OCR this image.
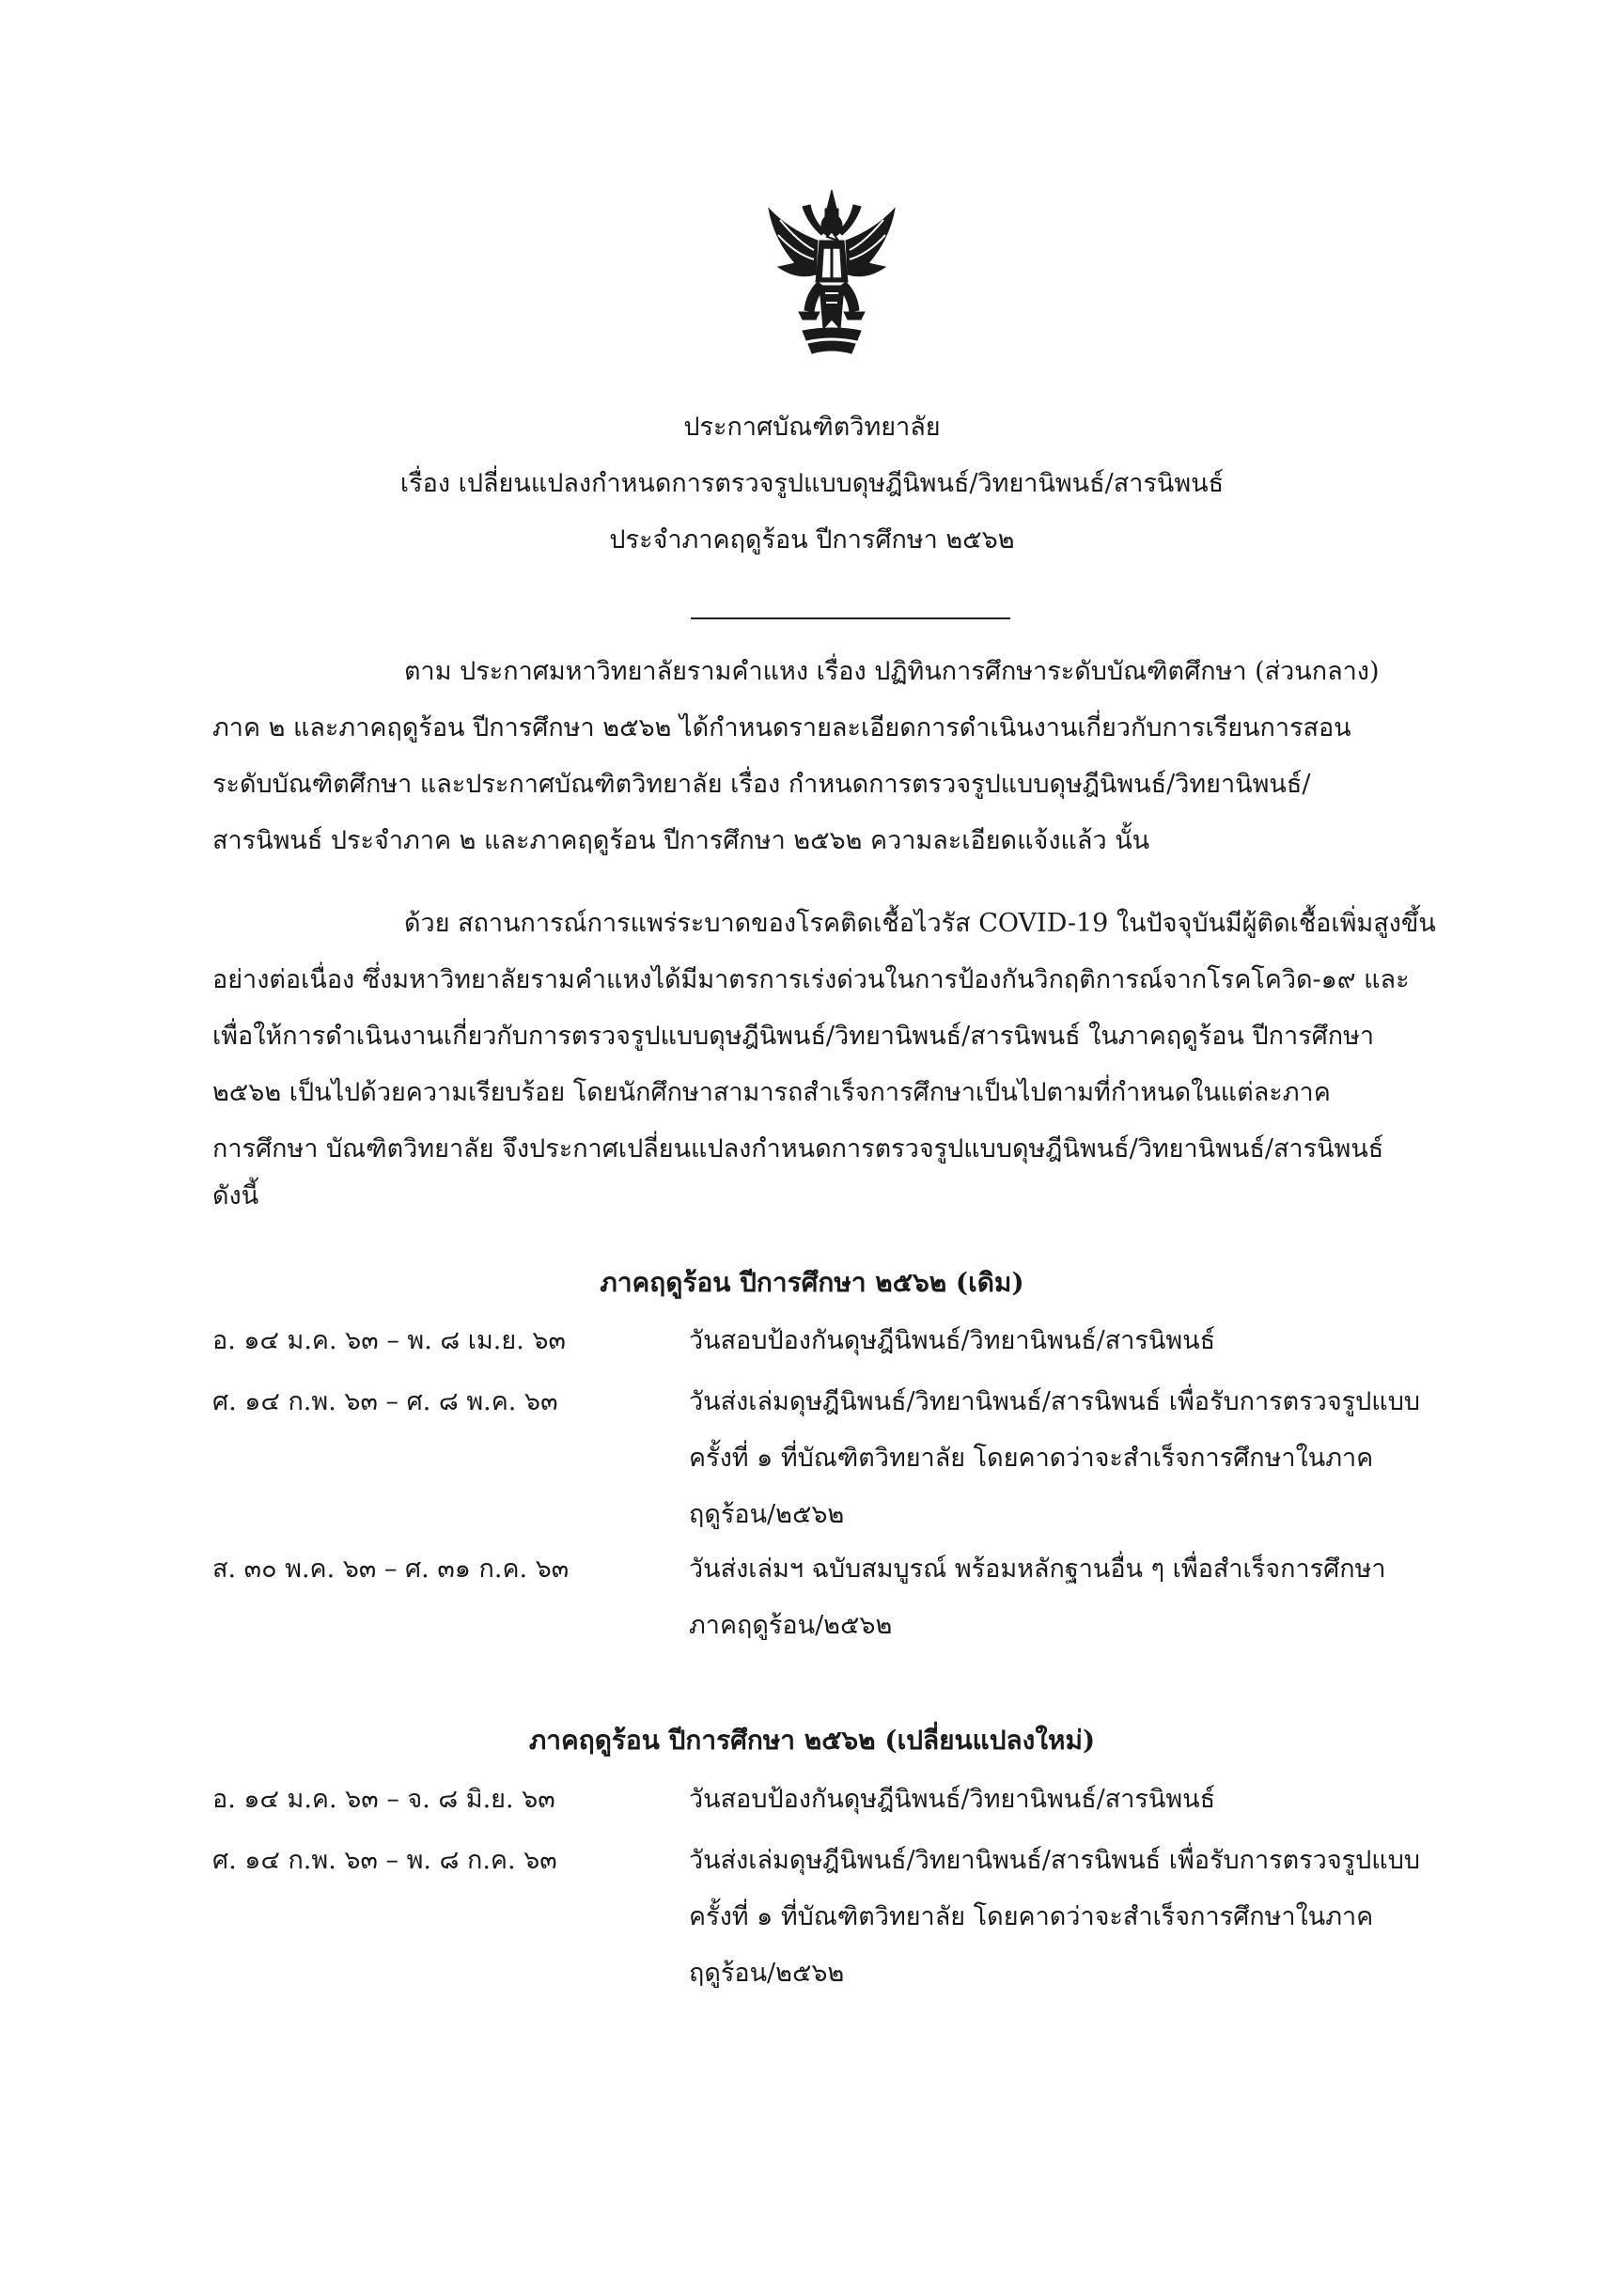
ประกาศบัณฑิตวิทยาลัย
เรื่อง เปลี่ยนแปลงกำหนดการตรวจรูปแบบดุษฎีนิพนธ์/วิทยานิพนธ์/สารนิพนธ์
ประจำภาคฤดูร้อน ปีการศึกษา ๒๕๖๒
ตาม ประกาศมหาวิทยาลัยรามคำแหง เรื่อง ปฏิทินการศึกษาระดับบัณฑิตศึกษา (ส่วนกลาง)
ภาค ๒ และภาคฤดูร้อน ปีการศึกษา ๒๕๖๒ ได้กำหนดรายละเอียดการดำเนินงานเกี่ยวกับการเรียนการสอน
ระดับบัณฑิตศึกษา และประกาศบัณฑิตวิทยาลัย เรื่อง กำหนดการตรวจรูปแบบดุษฎีนิพนธ์/วิทยานิพนธ์/
สารนิพนธ์ ประจำภาค ๒ และภาคฤดูร้อน ปีการศึกษา ๒๕๖๒ ความละเอียดแจ้งแล้ว นั้น
ด้วย สถานการณ์การแพร่ระบาดของโรคติดเชื้อไวรัส COVID-19 ในปัจจุบันมีผู้ติดเชื้อเพิ่มสูงขึ้น
อย่างต่อเนื่อง ซึ่งมหาวิทยาลัยรามคำแหงได้มีมาตรการเร่งด่วนในการป้องกันวิกฤติการณ์จากโรคโควิด-๑๙ และ
เพื่อให้การดำเนินงานเกี่ยวกับการตรวจรูปแบบดุษฎีนิพนธ์/วิทยานิพนธ์/สารนิพนธ์ ในภาคฤดูร้อน ปีการศึกษา
๒๕๖๒ เป็นไปด้วยความเรียบร้อย โดยนักศึกษาสามารถสำเร็จการศึกษาเป็นไปตามที่กำหนดในแต่ละภาค
การศึกษา บัณฑิตวิทยาลัย จึงประกาศเปลี่ยนแปลงกำหนดการตรวจรูปแบบดุษฎีนิพนธ์/วิทยานิพนธ์/สารนิพนธ์
ดังนี้
ภาคฤดูร้อน ปีการศึกษา ๒๕๖๒ (เดิม)
อ. ๑๔ ม.ค. ๖๓ – พ. ๘ เม.ย. ๖๓	วันสอบป้องกันดุษฎีนิพนธ์/วิทยานิพนธ์/สารนิพนธ์
ศ. ๑๔ ก.พ. ๖๓ – ศ. ๘ พ.ค. ๖๓	วันส่งเล่มดุษฎีนิพนธ์/วิทยานิพนธ์/สารนิพนธ์ เพื่อรับการตรวจรูปแบบ
ครั้งที่ ๑ ที่บัณฑิตวิทยาลัย โดยคาดว่าจะสำเร็จการศึกษาในภาค
ฤดูร้อน/๒๕๖๒
ส. ๓๐ พ.ค. ๖๓ – ศ. ๓๑ ก.ค. ๖๓	วันส่งเล่มฯ ฉบับสมบูรณ์ พร้อมหลักฐานอื่น ๆ เพื่อสำเร็จการศึกษา
ภาคฤดูร้อน/๒๕๖๒
ภาคฤดูร้อน ปีการศึกษา ๒๕๖๒ (เปลี่ยนแปลงใหม่)
อ. ๑๔ ม.ค. ๖๓ – จ. ๘ มิ.ย. ๖๓	วันสอบป้องกันดุษฎีนิพนธ์/วิทยานิพนธ์/สารนิพนธ์
ศ. ๑๔ ก.พ. ๖๓ – พ. ๘ ก.ค. ๖๓	วันส่งเล่มดุษฎีนิพนธ์/วิทยานิพนธ์/สารนิพนธ์ เพื่อรับการตรวจรูปแบบ
ครั้งที่ ๑ ที่บัณฑิตวิทยาลัย โดยคาดว่าจะสำเร็จการศึกษาในภาค
ฤดูร้อน/๒๕๖๒
